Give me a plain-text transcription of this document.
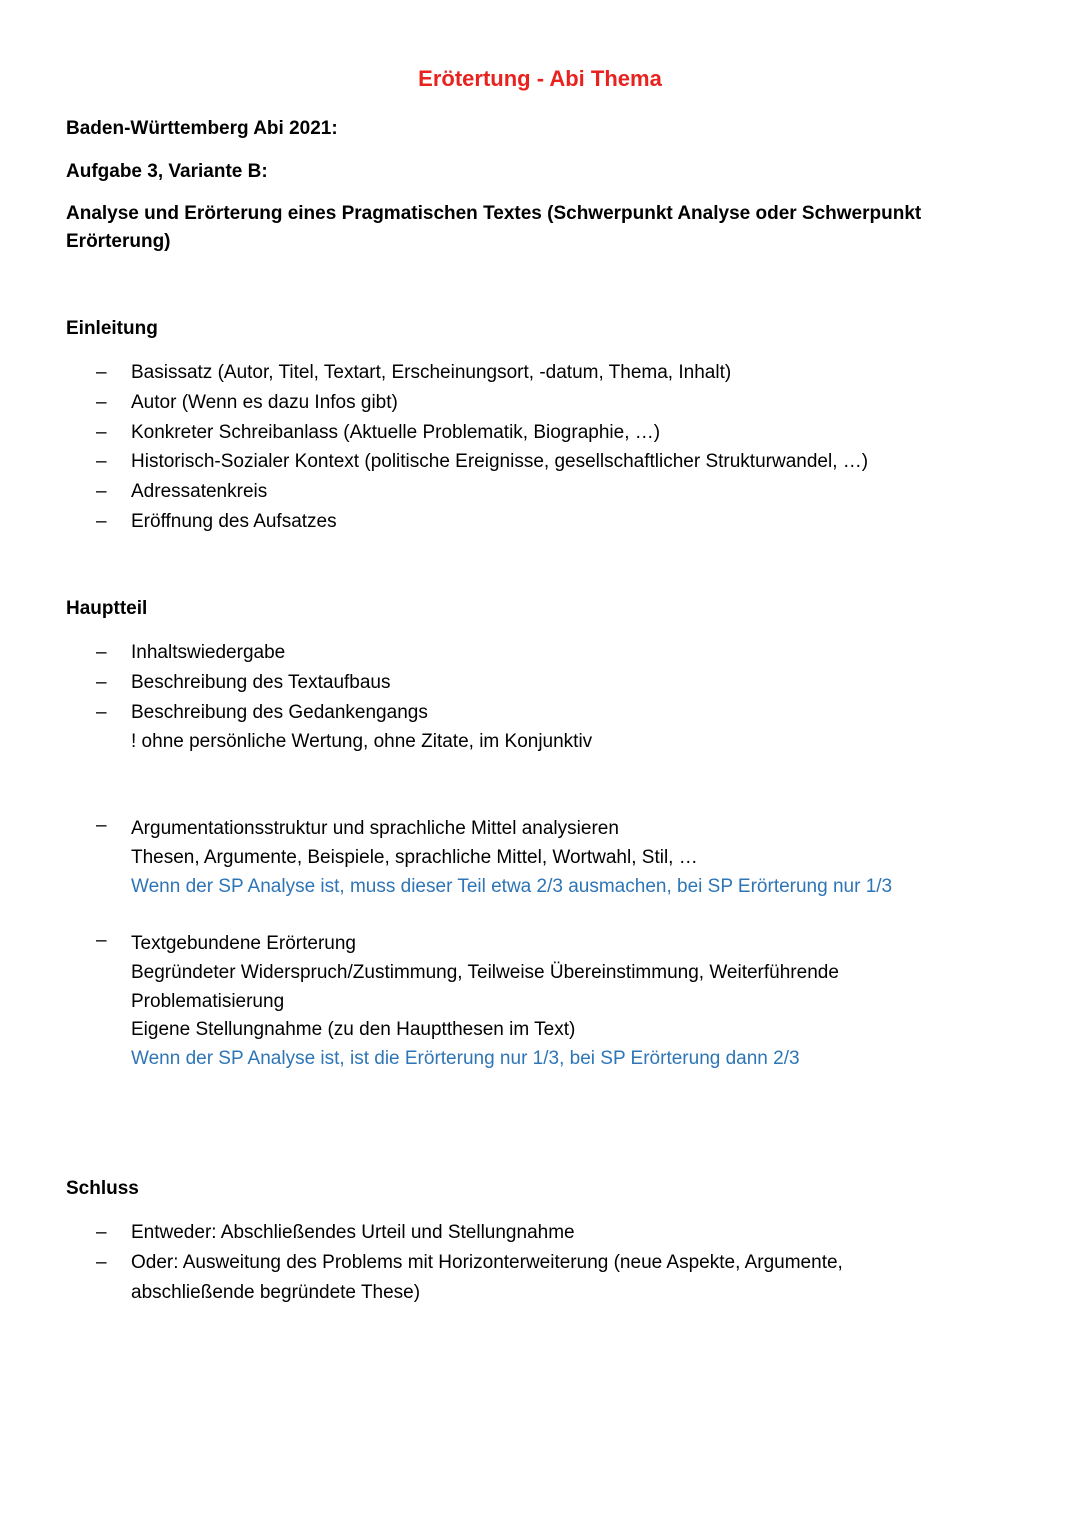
Erötertung - Abi Thema
Baden-Württemberg Abi 2021:
Aufgabe 3, Variante B:
Analyse und Erörterung eines Pragmatischen Textes (Schwerpunkt Analyse oder Schwerpunkt Erörterung)
Einleitung
– Basissatz (Autor, Titel, Textart, Erscheinungsort, -datum, Thema, Inhalt)
– Autor (Wenn es dazu Infos gibt)
– Konkreter Schreibanlass (Aktuelle Problematik, Biographie, …)
– Historisch-Sozialer Kontext (politische Ereignisse, gesellschaftlicher Strukturwandel, …)
– Adressatenkreis
– Eröffnung des Aufsatzes
Hauptteil
– Inhaltswiedergabe
– Beschreibung des Textaufbaus
– Beschreibung des Gedankengangs
! ohne persönliche Wertung, ohne Zitate, im Konjunktiv
– Argumentationsstruktur und sprachliche Mittel analysieren
Thesen, Argumente, Beispiele, sprachliche Mittel, Wortwahl, Stil, …
Wenn der SP Analyse ist, muss dieser Teil etwa 2/3 ausmachen, bei SP Erörterung nur 1/3
– Textgebundene Erörterung
Begründeter Widerspruch/Zustimmung, Teilweise Übereinstimmung, Weiterführende Problematisierung
Eigene Stellungnahme (zu den Hauptthesen im Text)
Wenn der SP Analyse ist, ist die Erörterung nur 1/3, bei SP Erörterung dann 2/3
Schluss
– Entweder: Abschließendes Urteil und Stellungnahme
– Oder: Ausweitung des Problems mit Horizonterweiterung (neue Aspekte, Argumente, abschließende begründete These)
